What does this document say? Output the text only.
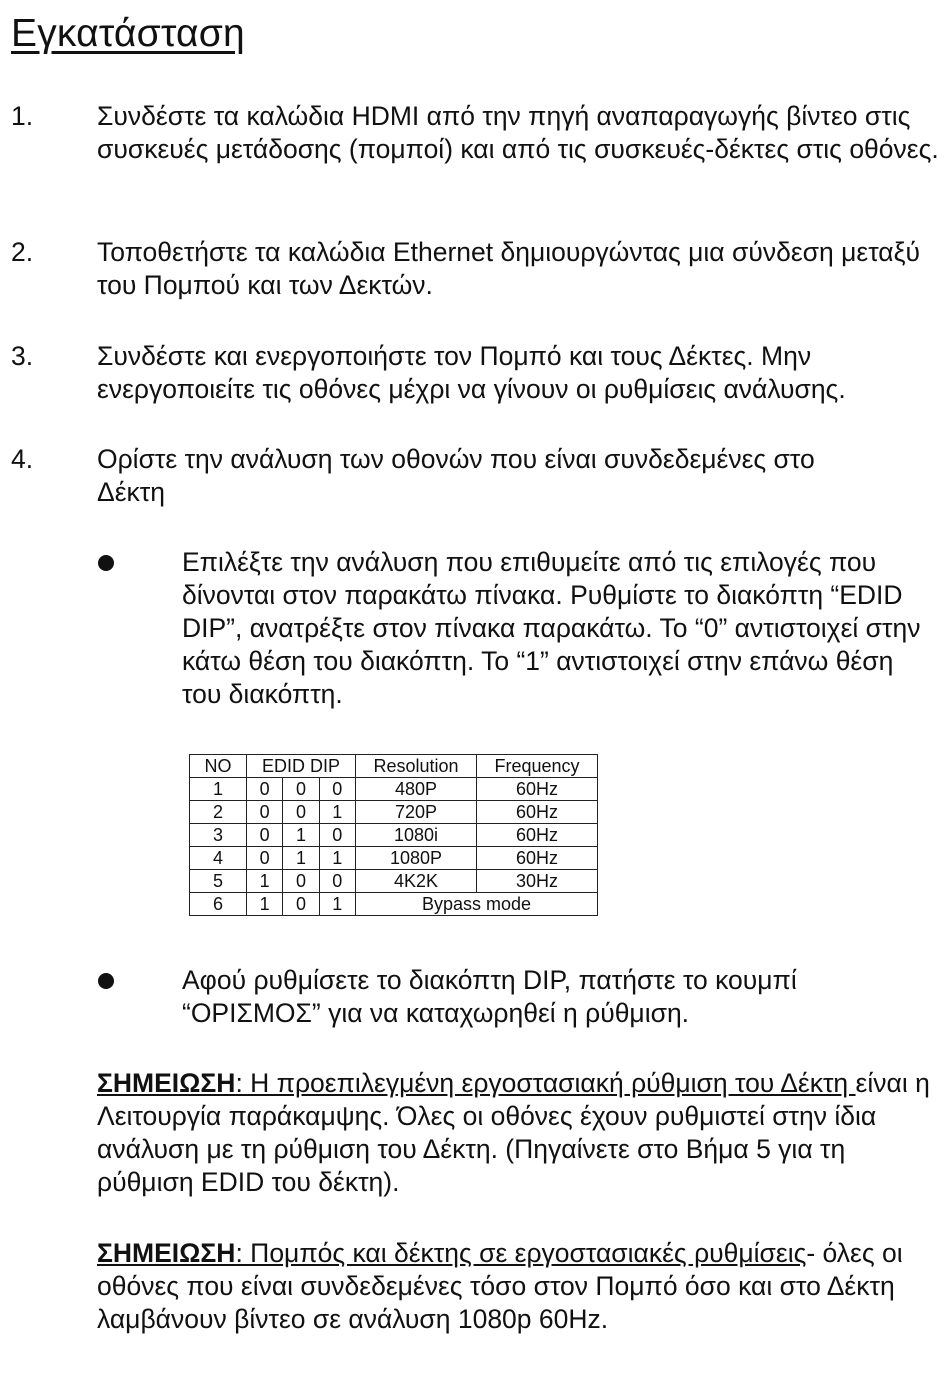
Εγκατάσταση
1. Συνδέστε τα καλώδια HDMI από την πηγή αναπαραγωγής βίντεο στις συσκευές μετάδοσης (πομποί) και από τις συσκευές-δέκτες στις οθόνες.
2. Τοποθετήστε τα καλώδια Ethernet δημιουργώντας μια σύνδεση μεταξύ του Πομπού και των Δεκτών.
3. Συνδέστε και ενεργοποιήστε τον Πομπό και τους Δέκτες. Μην ενεργοποιείτε τις οθόνες μέχρι να γίνουν οι ρυθμίσεις ανάλυσης.
4. Ορίστε την ανάλυση των οθονών που είναι συνδεδεμένες στο Δέκτη
Επιλέξτε την ανάλυση που επιθυμείτε από τις επιλογές που δίνονται στον παρακάτω πίνακα. Ρυθμίστε το διακόπτη “EDID DIP”, ανατρέξτε στον πίνακα παρακάτω. Το “0” αντιστοιχεί στην κάτω θέση του διακόπτη. Το “1” αντιστοιχεί στην επάνω θέση του διακόπτη.
NO	EDID DIP			Resolution	Frequency
1	0	0	0	480P	60Hz
2	0	0	1	720P	60Hz
3	0	1	0	1080i	60Hz
4	0	1	1	1080P	60Hz
5	1	0	0	4K2K	30Hz
6	1	0	1	Bypass mode	
Αφού ρυθμίσετε το διακόπτη DIP, πατήστε το κουμπί “ΟΡΙΣΜΟΣ” για να καταχωρηθεί η ρύθμιση.
ΣΗΜΕΙΩΣΗ: Η προεπιλεγμένη εργοστασιακή ρύθμιση του Δέκτη είναι η Λειτουργία παράκαμψης. Όλες οι οθόνες έχουν ρυθμιστεί στην ίδια ανάλυση με τη ρύθμιση του Δέκτη. (Πηγαίνετε στο Βήμα 5 για τη ρύθμιση EDID του δέκτη).
ΣΗΜΕΙΩΣΗ: Πομπός και δέκτης σε εργοστασιακές ρυθμίσεις- όλες οι οθόνες που είναι συνδεδεμένες τόσο στον Πομπό όσο και στο Δέκτη λαμβάνουν βίντεο σε ανάλυση 1080p 60Hz.
